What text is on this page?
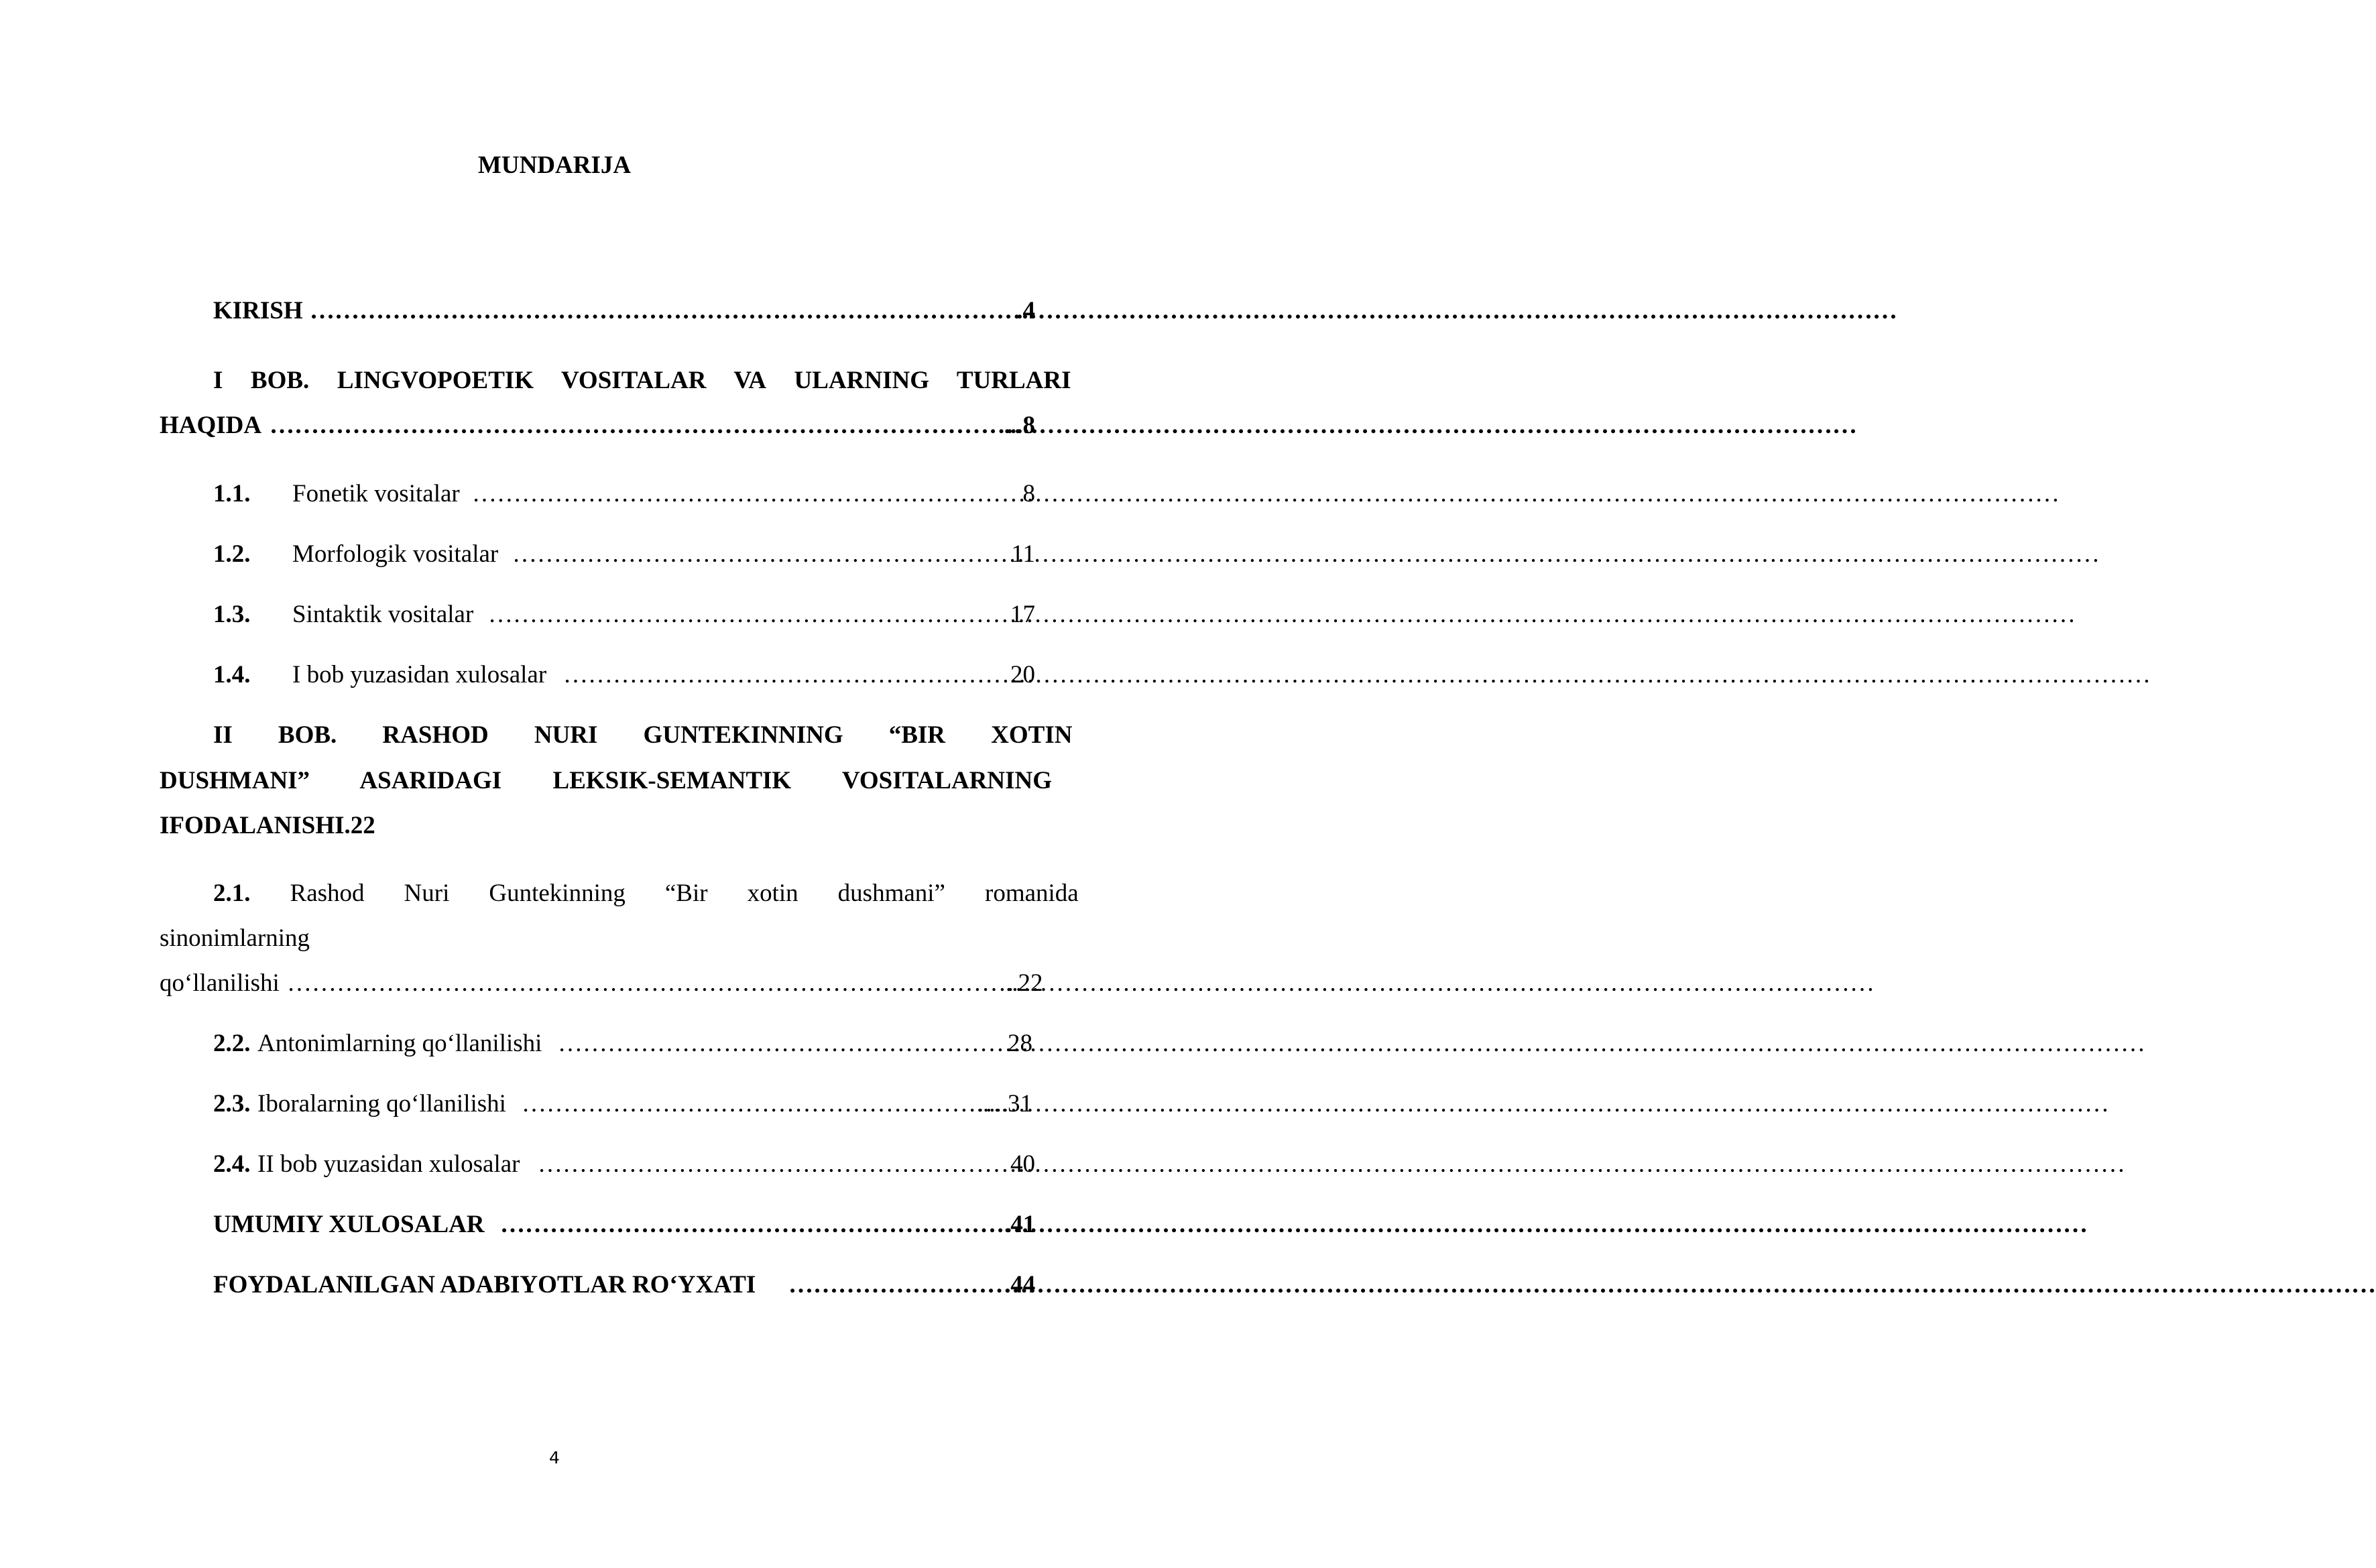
MUNDARIJA
KIRISH …………………………………………………………………………………………………………………………………………………………………………	.4
I BOB. LINGVOPOETIK VOSITALAR VA ULARNING TURLARI
HAQIDA …………………………………………………………………………………………………………………………………………………………………………	...8
1.1. Fonetik vositalar …………………………………………………………………………………………………………………………………………………………………………	8
1.2. Morfologik vositalar …………………………………………………………………………………………………………………………………………………………………………	11
1.3. Sintaktik vositalar …………………………………………………………………………………………………………………………………………………………………………	17
1.4. I bob yuzasidan xulosalar …………………………………………………………………………………………………………………………………………………………………………	20
II BOB. RASHOD NURI GUNTEKINNING “BIR XOTIN
DUSHMANI” ASARIDAGI LEKSIK-SEMANTIK VOSITALARNING
IFODALANISHI.22
2.1. Rashod Nuri Guntekinning “Bir xotin dushmani” romanida
sinonimlarning
qo‘llanilishi …………………………………………………………………………………………………………………………………………………………………………	..22
2.2. Antonimlarning qo‘llanilishi …………………………………………………………………………………………………………………………………………………………………………	28
2.3. Iboralarning qo‘llanilishi …………………………………………………………………………………………………………………………………………………………………………	.....31
2.4. II bob yuzasidan xulosalar …………………………………………………………………………………………………………………………………………………………………………	40
UMUMIY XULOSALAR …………………………………………………………………………………………………………………………………………………………………………	.41
FOYDALANILGAN ADABIYOTLAR RO‘YXATI …………………………………………………………………………………………………………………………………………………………………………	.44
4
